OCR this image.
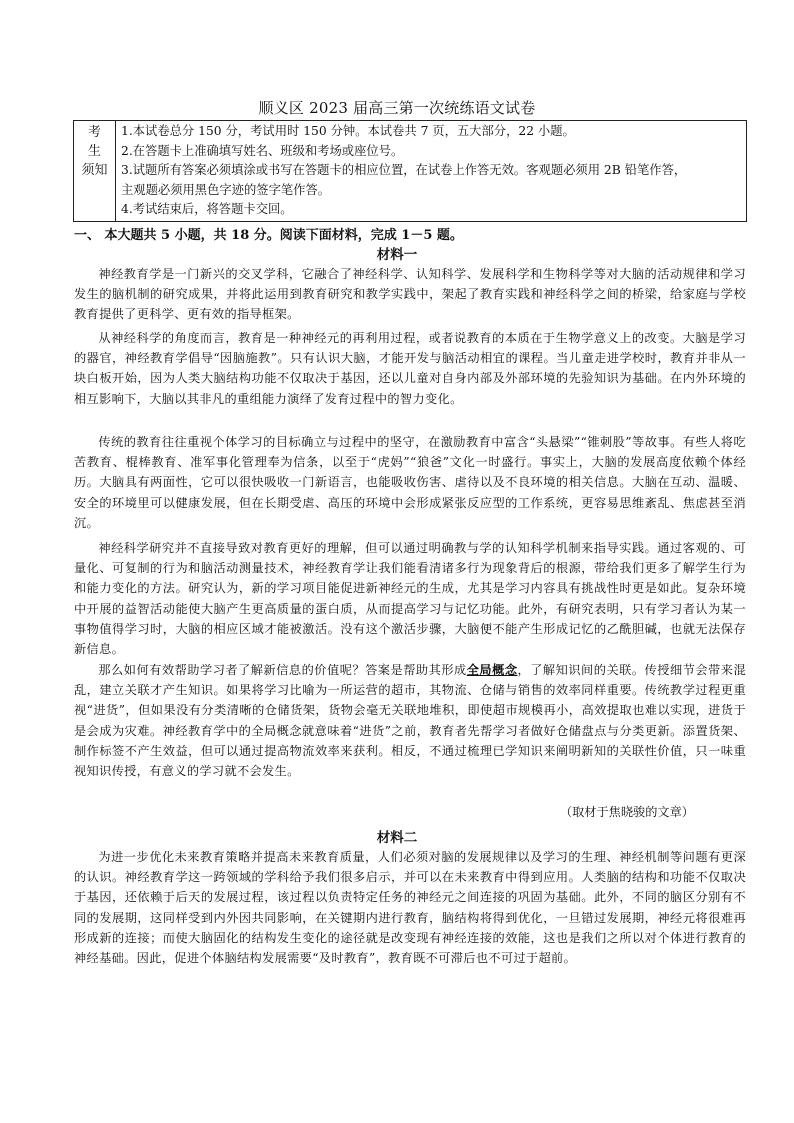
顺义区 2023 届高三第一次统练语文试卷
考
生
须知
1.本试卷总分 150 分，考试用时 150 分钟。本试卷共 7 页，五大部分，22 小题。
2.在答题卡上准确填写姓名、班级和考场或座位号。
3.试题所有答案必须填涂或书写在答题卡的相应位置，在试卷上作答无效。客观题必须用 2B 铅笔作答，
主观题必须用黑色字迹的签字笔作答。
4.考试结束后，将答题卡交回。
一、 本大题共 5 小题，共 18 分。阅读下面材料，完成 1－5 题。
材料一
神经教育学是一门新兴的交叉学科，它融合了神经科学、认知科学、发展科学和生物科学等对大脑的活动规律和学习发生的脑机制的研究成果，并将此运用到教育研究和教学实践中，架起了教育实践和神经科学之间的桥梁，给家庭与学校教育提供了更科学、更有效的指导框架。
从神经科学的角度而言，教育是一种神经元的再利用过程，或者说教育的本质在于生物学意义上的改变。大脑是学习的器官，神经教育学倡导“因脑施教”。只有认识大脑，才能开发与脑活动相宜的课程。当儿童走进学校时，教育并非从一块白板开始，因为人类大脑结构功能不仅取决于基因，还以儿童对自身内部及外部环境的先验知识为基础。在内外环境的相互影响下，大脑以其非凡的重组能力演绎了发育过程中的智力变化。
传统的教育往往重视个体学习的目标确立与过程中的坚守，在激励教育中富含“头悬梁”“锥刺股”等故事。有些人将吃苦教育、棍棒教育、准军事化管理奉为信条，以至于“虎妈”“狼爸”文化一时盛行。事实上，大脑的发展高度依赖个体经历。大脑具有两面性，它可以很快吸收一门新语言，也能吸收伤害、虐待以及不良环境的相关信息。大脑在互动、温暖、安全的环境里可以健康发展，但在长期受虐、高压的环境中会形成紧张反应型的工作系统，更容易思维紊乱、焦虑甚至消沉。
神经科学研究并不直接导致对教育更好的理解，但可以通过明确教与学的认知科学机制来指导实践。通过客观的、可量化、可复制的行为和脑活动测量技术，神经教育学让我们能看清诸多行为现象背后的根源，带给我们更多了解学生行为和能力变化的方法。研究认为，新的学习项目能促进新神经元的生成，尤其是学习内容具有挑战性时更是如此。复杂环境中开展的益智活动能使大脑产生更高质量的蛋白质，从而提高学习与记忆功能。此外，有研究表明，只有学习者认为某一事物值得学习时，大脑的相应区域才能被激活。没有这个激活步骤，大脑便不能产生形成记忆的乙酰胆碱，也就无法保存新信息。
那么如何有效帮助学习者了解新信息的价值呢？答案是帮助其形成全局概念，了解知识间的关联。传授细节会带来混乱，建立关联才产生知识。如果将学习比喻为一所运营的超市，其物流、仓储与销售的效率同样重要。传统教学过程更重视“进货”，但如果没有分类清晰的仓储货架，货物会毫无关联地堆积，即使超市规模再小，高效提取也难以实现，进货于是会成为灾难。神经教育学中的全局概念就意味着“进货”之前，教育者先帮学习者做好仓储盘点与分类更新。添置货架、制作标签不产生效益，但可以通过提高物流效率来获利。相反，不通过梳理已学知识来阐明新知的关联性价值，只一味重视知识传授，有意义的学习就不会发生。
（取材于焦晓骏的文章）
材料二
为进一步优化未来教育策略并提高未来教育质量，人们必须对脑的发展规律以及学习的生理、神经机制等问题有更深的认识。神经教育学这一跨领域的学科给予我们很多启示，并可以在未来教育中得到应用。人类脑的结构和功能不仅取决于基因，还依赖于后天的发展过程，该过程以负责特定任务的神经元之间连接的巩固为基础。此外，不同的脑区分别有不同的发展期，这同样受到内外因共同影响，在关键期内进行教育，脑结构将得到优化，一旦错过发展期，神经元将很难再形成新的连接；而使大脑固化的结构发生变化的途径就是改变现有神经连接的效能，这也是我们之所以对个体进行教育的神经基础。因此，促进个体脑结构发展需要“及时教育”，教育既不可滞后也不可过于超前。
